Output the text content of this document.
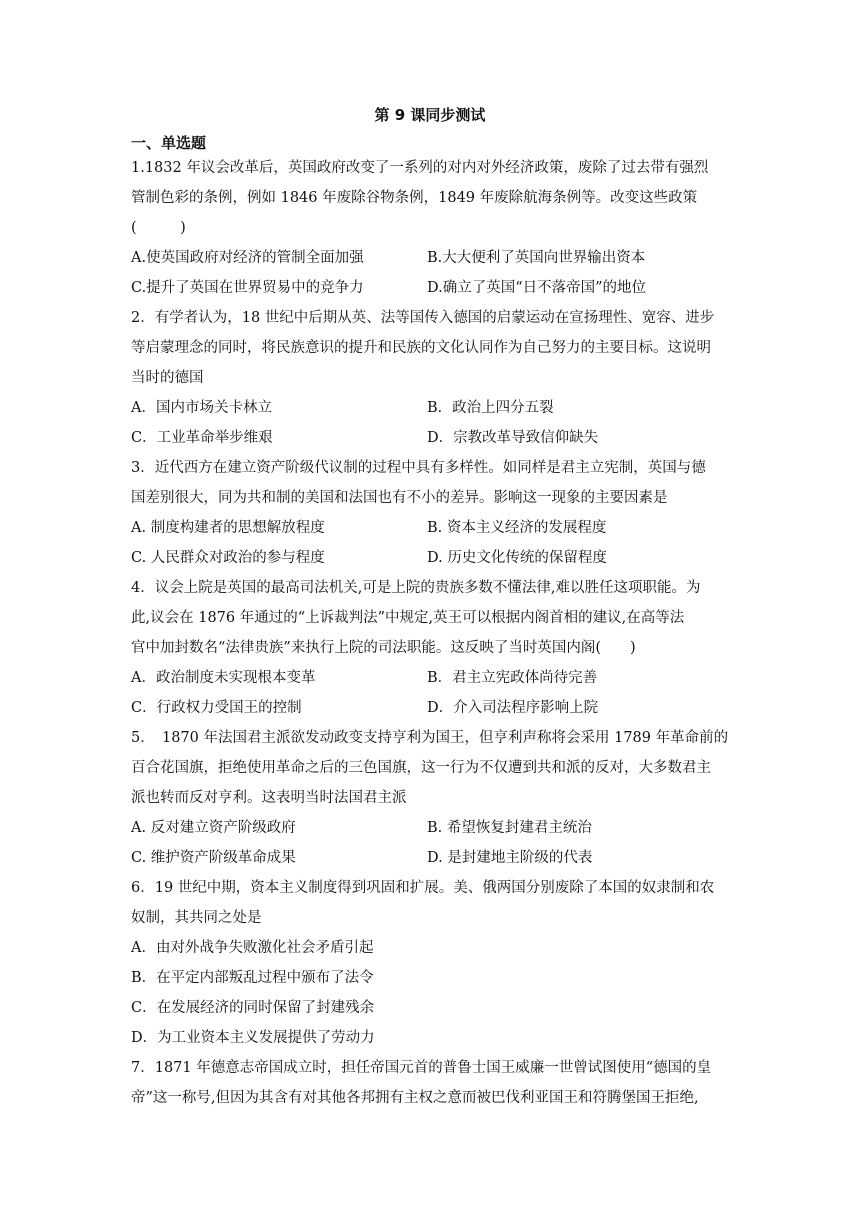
第 9 课同步测试
一、单选题
1.1832 年议会改革后，英国政府改变了一系列的对内对外经济政策，废除了过去带有强烈
管制色彩的条例，例如 1846 年废除谷物条例，1849 年废除航海条例等。改变这些政策
(　　　)
A.使英国政府对经济的管制全面加强	B.大大便利了英国向世界输出资本
C.提升了英国在世界贸易中的竞争力	D.确立了英国“日不落帝国”的地位
2．有学者认为，18 世纪中后期从英、法等国传入德国的启蒙运动在宣扬理性、宽容、进步
等启蒙理念的同时，将民族意识的提升和民族的文化认同作为自己努力的主要目标。这说明
当时的德国
A．国内市场关卡林立	B．政治上四分五裂
C．工业革命举步维艰	D．宗教改革导致信仰缺失
3．近代西方在建立资产阶级代议制的过程中具有多样性。如同样是君主立宪制，英国与德
国差别很大，同为共和制的美国和法国也有不小的差异。影响这一现象的主要因素是
A. 制度构建者的思想解放程度	B. 资本主义经济的发展程度
C. 人民群众对政治的参与程度	D. 历史文化传统的保留程度
4．议会上院是英国的最高司法机关,可是上院的贵族多数不懂法律,难以胜任这项职能。为
此,议会在 1876 年通过的“上诉裁判法”中规定,英王可以根据内阁首相的建议,在高等法
官中加封数名“法律贵族”来执行上院的司法职能。这反映了当时英国内阁(　　)
A．政治制度未实现根本变革	B．君主立宪政体尚待完善
C．行政权力受国王的控制	D．介入司法程序影响上院
5．　1870 年法国君主派欲发动政变支持亨利为国王，但亨利声称将会采用 1789 年革命前的
百合花国旗，拒绝使用革命之后的三色国旗，这一行为不仅遭到共和派的反对，大多数君主
派也转而反对亨利。这表明当时法国君主派
A. 反对建立资产阶级政府	B. 希望恢复封建君主统治
C. 维护资产阶级革命成果	D. 是封建地主阶级的代表
6．19 世纪中期，资本主义制度得到巩固和扩展。美、俄两国分别废除了本国的奴隶制和农
奴制，其共同之处是
A．由对外战争失败激化社会矛盾引起
B．在平定内部叛乱过程中颁布了法令
C．在发展经济的同时保留了封建残余
D．为工业资本主义发展提供了劳动力
7．1871 年德意志帝国成立时，担任帝国元首的普鲁士国王威廉一世曾试图使用“德国的皇
帝”这一称号,但因为其含有对其他各邦拥有主权之意而被巴伐利亚国王和符腾堡国王拒绝,
